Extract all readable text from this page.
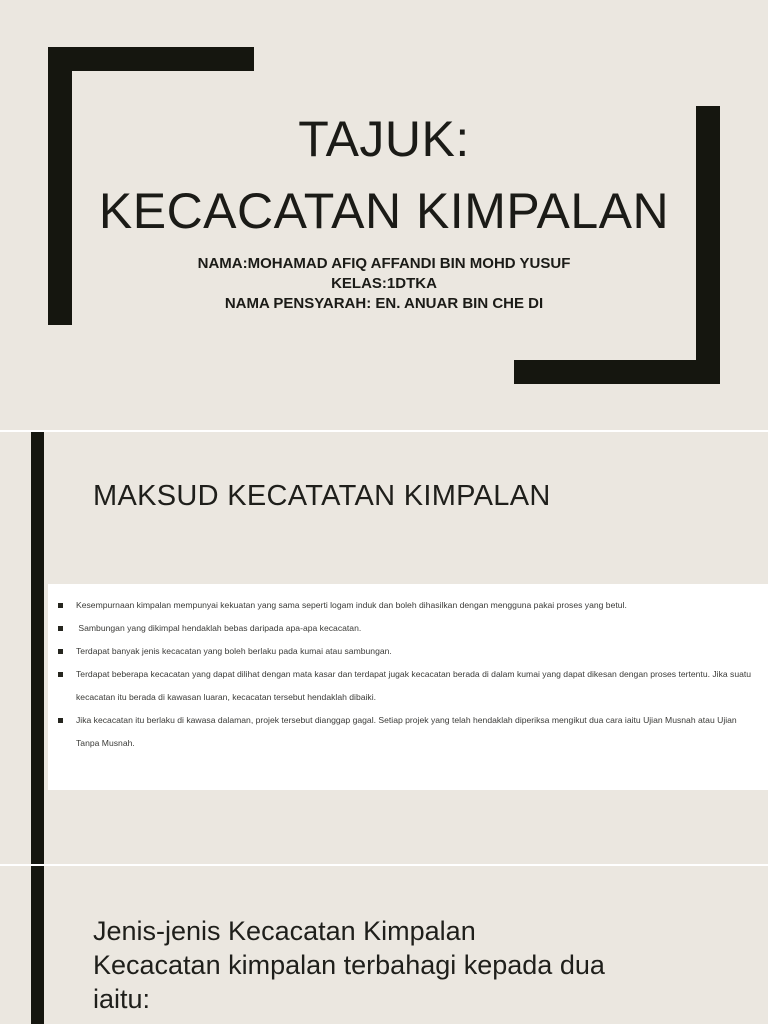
TAJUK:
KECACATAN KIMPALAN
NAMA:MOHAMAD AFIQ AFFANDI BIN MOHD YUSUF
KELAS:1DTKA
NAMA PENSYARAH: EN. ANUAR BIN CHE DI
MAKSUD KECATATAN KIMPALAN
Kesempurnaan kimpalan mempunyai kekuatan yang sama seperti logam induk dan boleh dihasilkan dengan mengguna pakai proses yang betul.
Sambungan yang dikimpal hendaklah bebas daripada apa-apa kecacatan.
Terdapat banyak jenis kecacatan yang boleh berlaku pada kumai atau sambungan.
Terdapat beberapa kecacatan yang dapat dilihat dengan mata kasar dan terdapat jugak kecacatan berada di dalam kumai yang dapat dikesan dengan proses tertentu. Jika suatu kecacatan itu berada di kawasan luaran, kecacatan tersebut hendaklah dibaiki.
Jika kecacatan itu berlaku di kawasa dalaman, projek tersebut dianggap gagal. Setiap projek yang telah hendaklah diperiksa mengikut dua cara iaitu Ujian Musnah atau Ujian Tanpa Musnah.
Jenis-jenis Kecacatan Kimpalan
Kecacatan kimpalan terbahagi kepada dua
iaitu:
